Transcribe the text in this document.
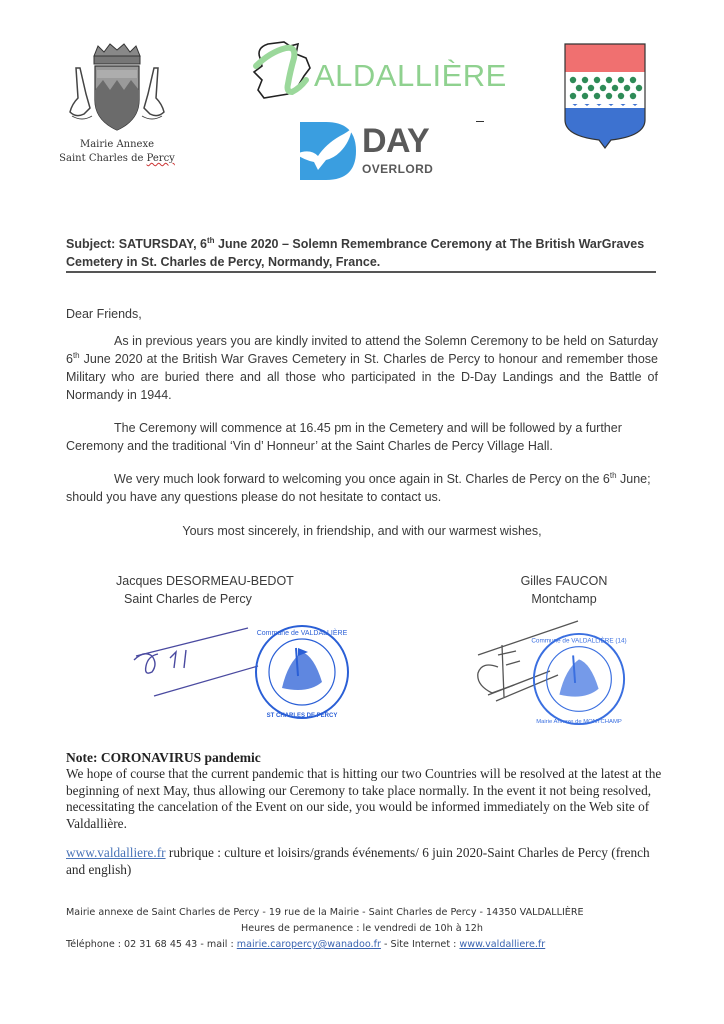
Mairie Annexe
Saint Charles de Percy
ALDALLIÈRE
DAY
OVERLORD
Subject: SATURSDAY, 6th June 2020 – Solemn Remembrance Ceremony at The British WarGraves Cemetery in St. Charles de Percy, Normandy, France.
Dear Friends,
As in previous years you are kindly invited to attend the Solemn Ceremony to be held on Saturday 6th June 2020 at the British War Graves Cemetery in St. Charles de Percy to honour and remember those Military who are buried there and all those who participated in the D-Day Landings and the Battle of Normandy in 1944.
The Ceremony will commence at 16.45 pm in the Cemetery and will be followed by a further Ceremony and the traditional ‘Vin d’ Honneur’ at the Saint Charles de Percy Village Hall.
We very much look forward to welcoming you once again in St. Charles de Percy on the 6th June; should you have any questions please do not hesitate to contact us.
Yours most sincerely, in friendship, and with our warmest wishes,
Jacques DESORMEAU-BEDOT
Saint Charles de Percy
Gilles FAUCON
Montchamp
Commune de VALDALLIÈRE
ST CHARLES DE PERCY
Commune de VALDALLIÈRE (14)
Mairie Annexe de MONTCHAMP
Note: CORONAVIRUS pandemic
We hope of course that the current pandemic that is hitting our two Countries will be resolved at the latest at the beginning of next May, thus allowing our Ceremony to take place normally. In the event it not being resolved, necessitating the cancelation of the Event on our side, you would be informed immediately on the Web site of Valdallière.
www.valdalliere.fr rubrique : culture et loisirs/grands événements/ 6 juin 2020-Saint Charles de Percy (french and english)
Mairie annexe de Saint Charles de Percy - 19 rue de la Mairie - Saint Charles de Percy - 14350 VALDALLIÈRE
Heures de permanence : le vendredi de 10h à 12h
Téléphone : 02 31 68 45 43 - mail : mairie.caropercy@wanadoo.fr - Site Internet : www.valdalliere.fr
